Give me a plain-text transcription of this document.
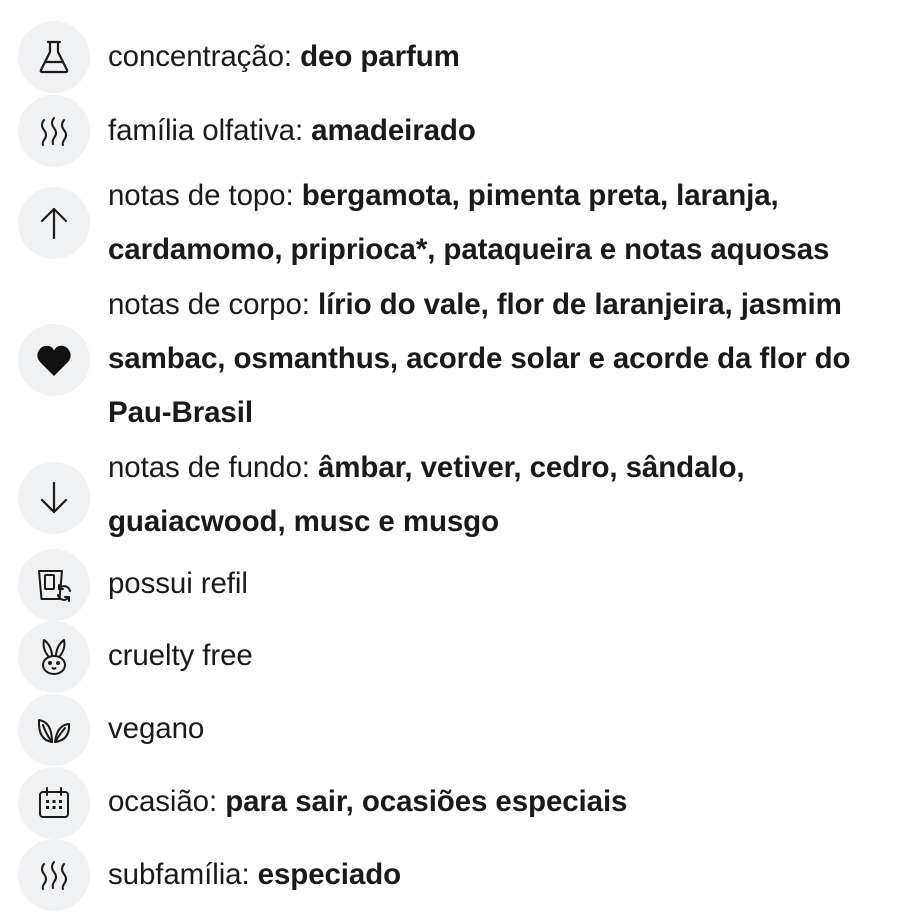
concentração: deo parfum
família olfativa: amadeirado
notas de topo: bergamota, pimenta preta, laranja, cardamomo, priprioca*, pataqueira e notas aquosas
notas de corpo: lírio do vale, flor de laranjeira, jasmim sambac, osmanthus, acorde solar e acorde da flor do Pau-Brasil
notas de fundo: âmbar, vetiver, cedro, sândalo, guaiacwood, musc e musgo
possui refil
cruelty free
vegano
ocasião: para sair, ocasiões especiais
subfamília: especiado
